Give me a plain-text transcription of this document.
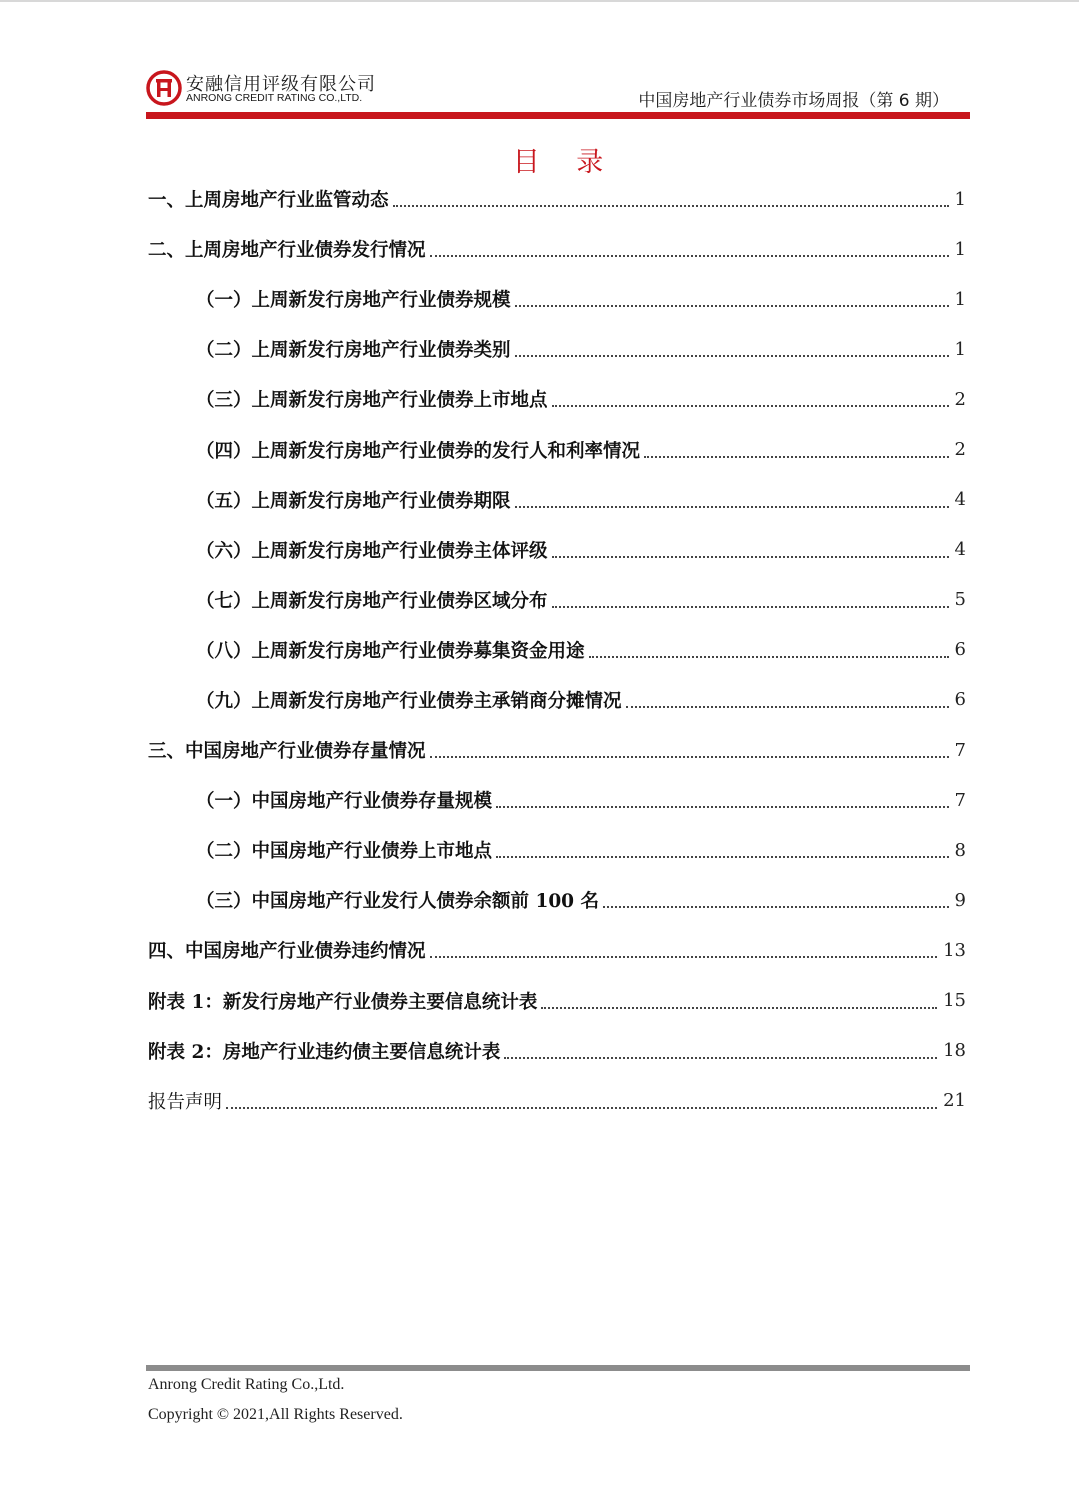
安融信用评级有限公司
ANRONG CREDIT RATING CO.,LTD.	中国房地产行业债券市场周报（第 6 期）
目 录
一、上周房地产行业监管动态	1
二、上周房地产行业债券发行情况	1
（一）上周新发行房地产行业债券规模	1
（二）上周新发行房地产行业债券类别	1
（三）上周新发行房地产行业债券上市地点	2
（四）上周新发行房地产行业债券的发行人和利率情况	2
（五）上周新发行房地产行业债券期限	4
（六）上周新发行房地产行业债券主体评级	4
（七）上周新发行房地产行业债券区域分布	5
（八）上周新发行房地产行业债券募集资金用途	6
（九）上周新发行房地产行业债券主承销商分摊情况	6
三、中国房地产行业债券存量情况	7
（一）中国房地产行业债券存量规模	7
（二）中国房地产行业债券上市地点	8
（三）中国房地产行业发行人债券余额前 100 名	9
四、中国房地产行业债券违约情况	13
附表 1：新发行房地产行业债券主要信息统计表	15
附表 2：房地产行业违约债主要信息统计表	18
报告声明	21
Anrong Credit Rating Co.,Ltd.
Copyright © 2021,All Rights Reserved.
